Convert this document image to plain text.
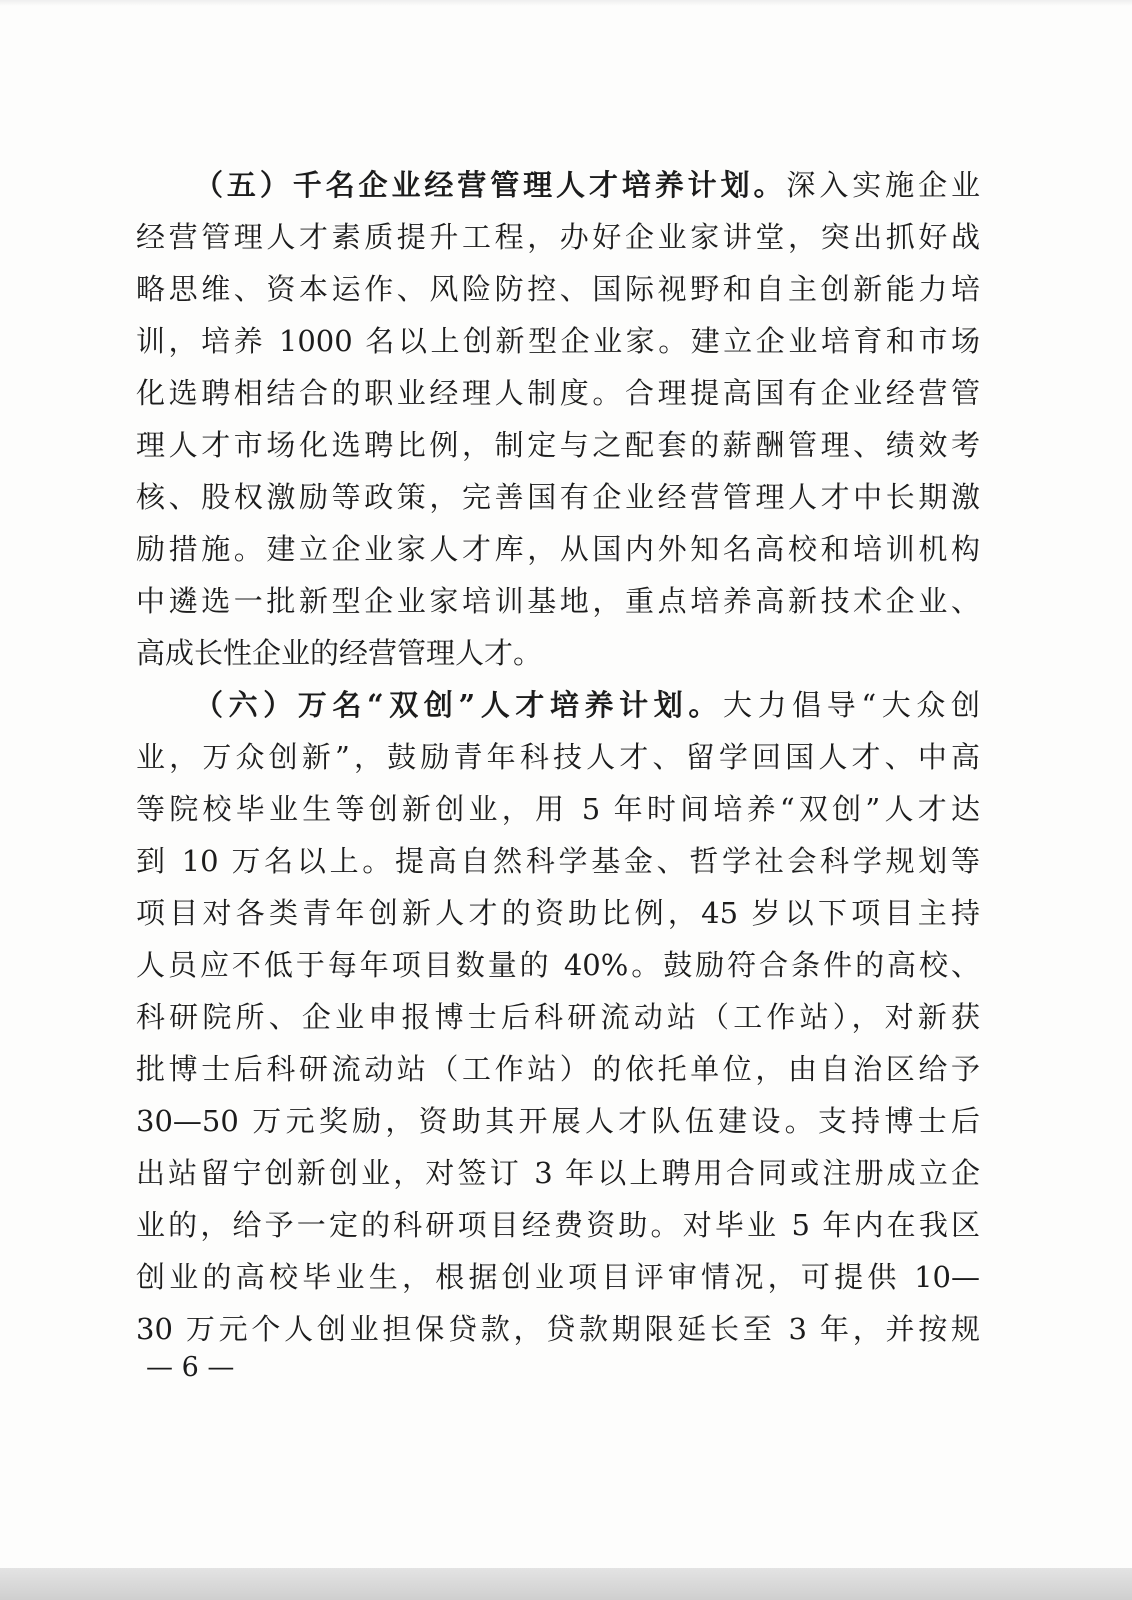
（五）千名企业经营管理人才培养计划。深入实施企业
经营管理人才素质提升工程，办好企业家讲堂，突出抓好战
略思维、资本运作、风险防控、国际视野和自主创新能力培
训，培养 1000 名以上创新型企业家。建立企业培育和市场
化选聘相结合的职业经理人制度。合理提高国有企业经营管
理人才市场化选聘比例，制定与之配套的薪酬管理、绩效考
核、股权激励等政策，完善国有企业经营管理人才中长期激
励措施。建立企业家人才库，从国内外知名高校和培训机构
中遴选一批新型企业家培训基地，重点培养高新技术企业、
高成长性企业的经营管理人才。
（六）万名“双创”人才培养计划。大力倡导“大众创
业，万众创新”，鼓励青年科技人才、留学回国人才、中高
等院校毕业生等创新创业，用 5 年时间培养“双创”人才达
到 10 万名以上。提高自然科学基金、哲学社会科学规划等
项目对各类青年创新人才的资助比例，45 岁以下项目主持
人员应不低于每年项目数量的 40%。鼓励符合条件的高校、
科研院所、企业申报博士后科研流动站（工作站），对新获
批博士后科研流动站（工作站）的依托单位，由自治区给予
30—50 万元奖励，资助其开展人才队伍建设。支持博士后
出站留宁创新创业，对签订 3 年以上聘用合同或注册成立企
业的，给予一定的科研项目经费资助。对毕业 5 年内在我区
创业的高校毕业生，根据创业项目评审情况，可提供 10—
30 万元个人创业担保贷款，贷款期限延长至 3 年，并按规
— 6 —
